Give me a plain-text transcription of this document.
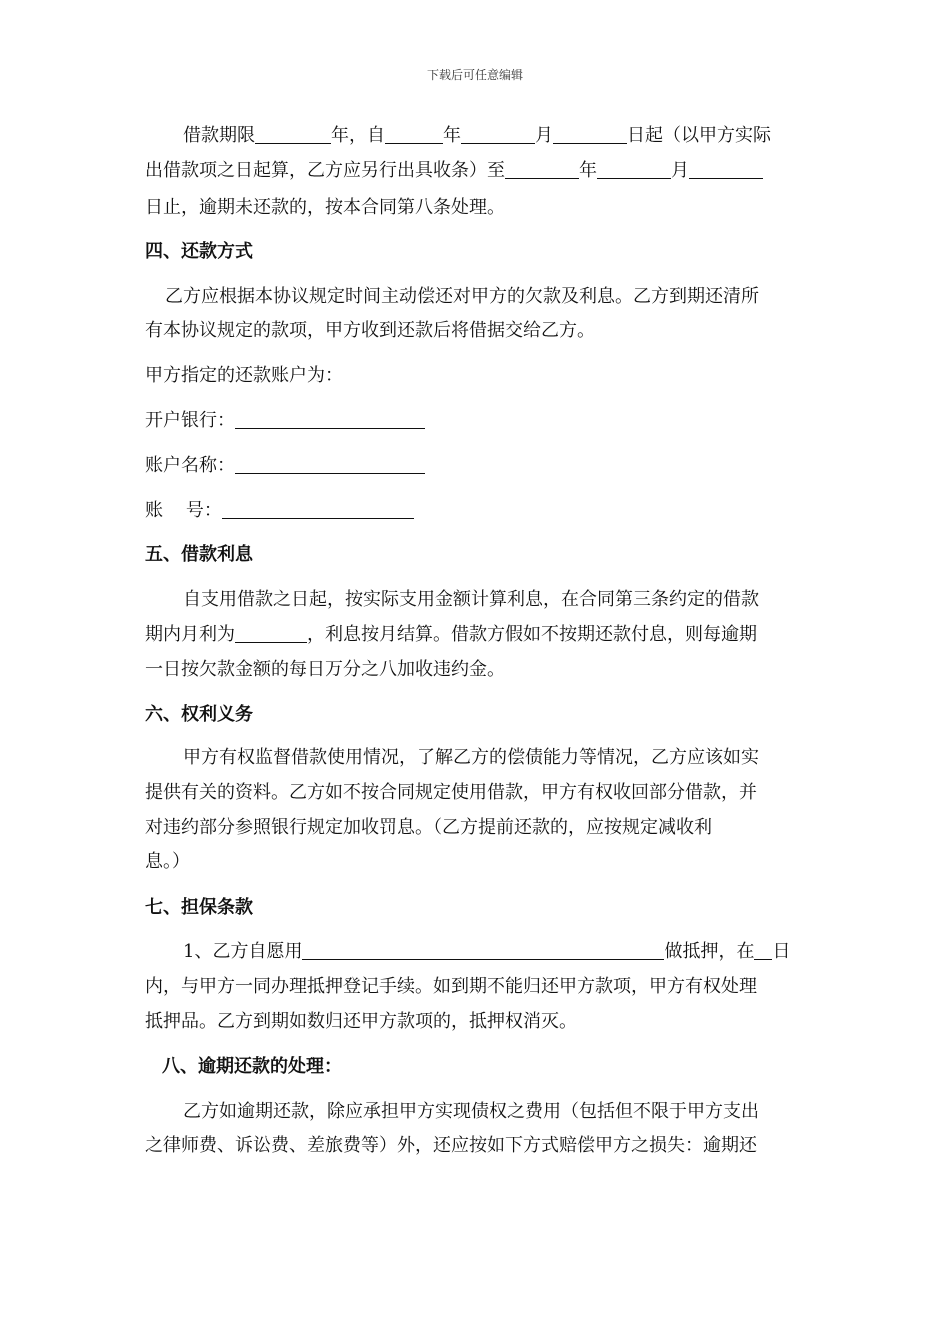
下载后可任意编辑
借款期限	年，自	年	月	日起（以甲方实际
出借款项之日起算，乙方应另行出具收条）至	年	月
日止，逾期未还款的，按本合同第八条处理。
四、还款方式
乙方应根据本协议规定时间主动偿还对甲方的欠款及利息。乙方到期还清所
有本协议规定的款项，甲方收到还款后将借据交给乙方。
甲方指定的还款账户为：
开户银行：
账户名称：
账    号：
五、借款利息
自支用借款之日起，按实际支用金额计算利息，在合同第三条约定的借款
期内月利为	，利息按月结算。借款方假如不按期还款付息，则每逾期
一日按欠款金额的每日万分之八加收违约金。
六、权利义务
甲方有权监督借款使用情况，了解乙方的偿债能力等情况，乙方应该如实
提供有关的资料。乙方如不按合同规定使用借款，甲方有权收回部分借款，并
对违约部分参照银行规定加收罚息。（乙方提前还款的，应按规定减收利
息。）
七、担保条款
1、乙方自愿用	做抵押，在 日
内，与甲方一同办理抵押登记手续。如到期不能归还甲方款项，甲方有权处理
抵押品。乙方到期如数归还甲方款项的，抵押权消灭。
八、逾期还款的处理：
乙方如逾期还款，除应承担甲方实现债权之费用（包括但不限于甲方支出
之律师费、诉讼费、差旅费等）外，还应按如下方式赔偿甲方之损失：逾期还
